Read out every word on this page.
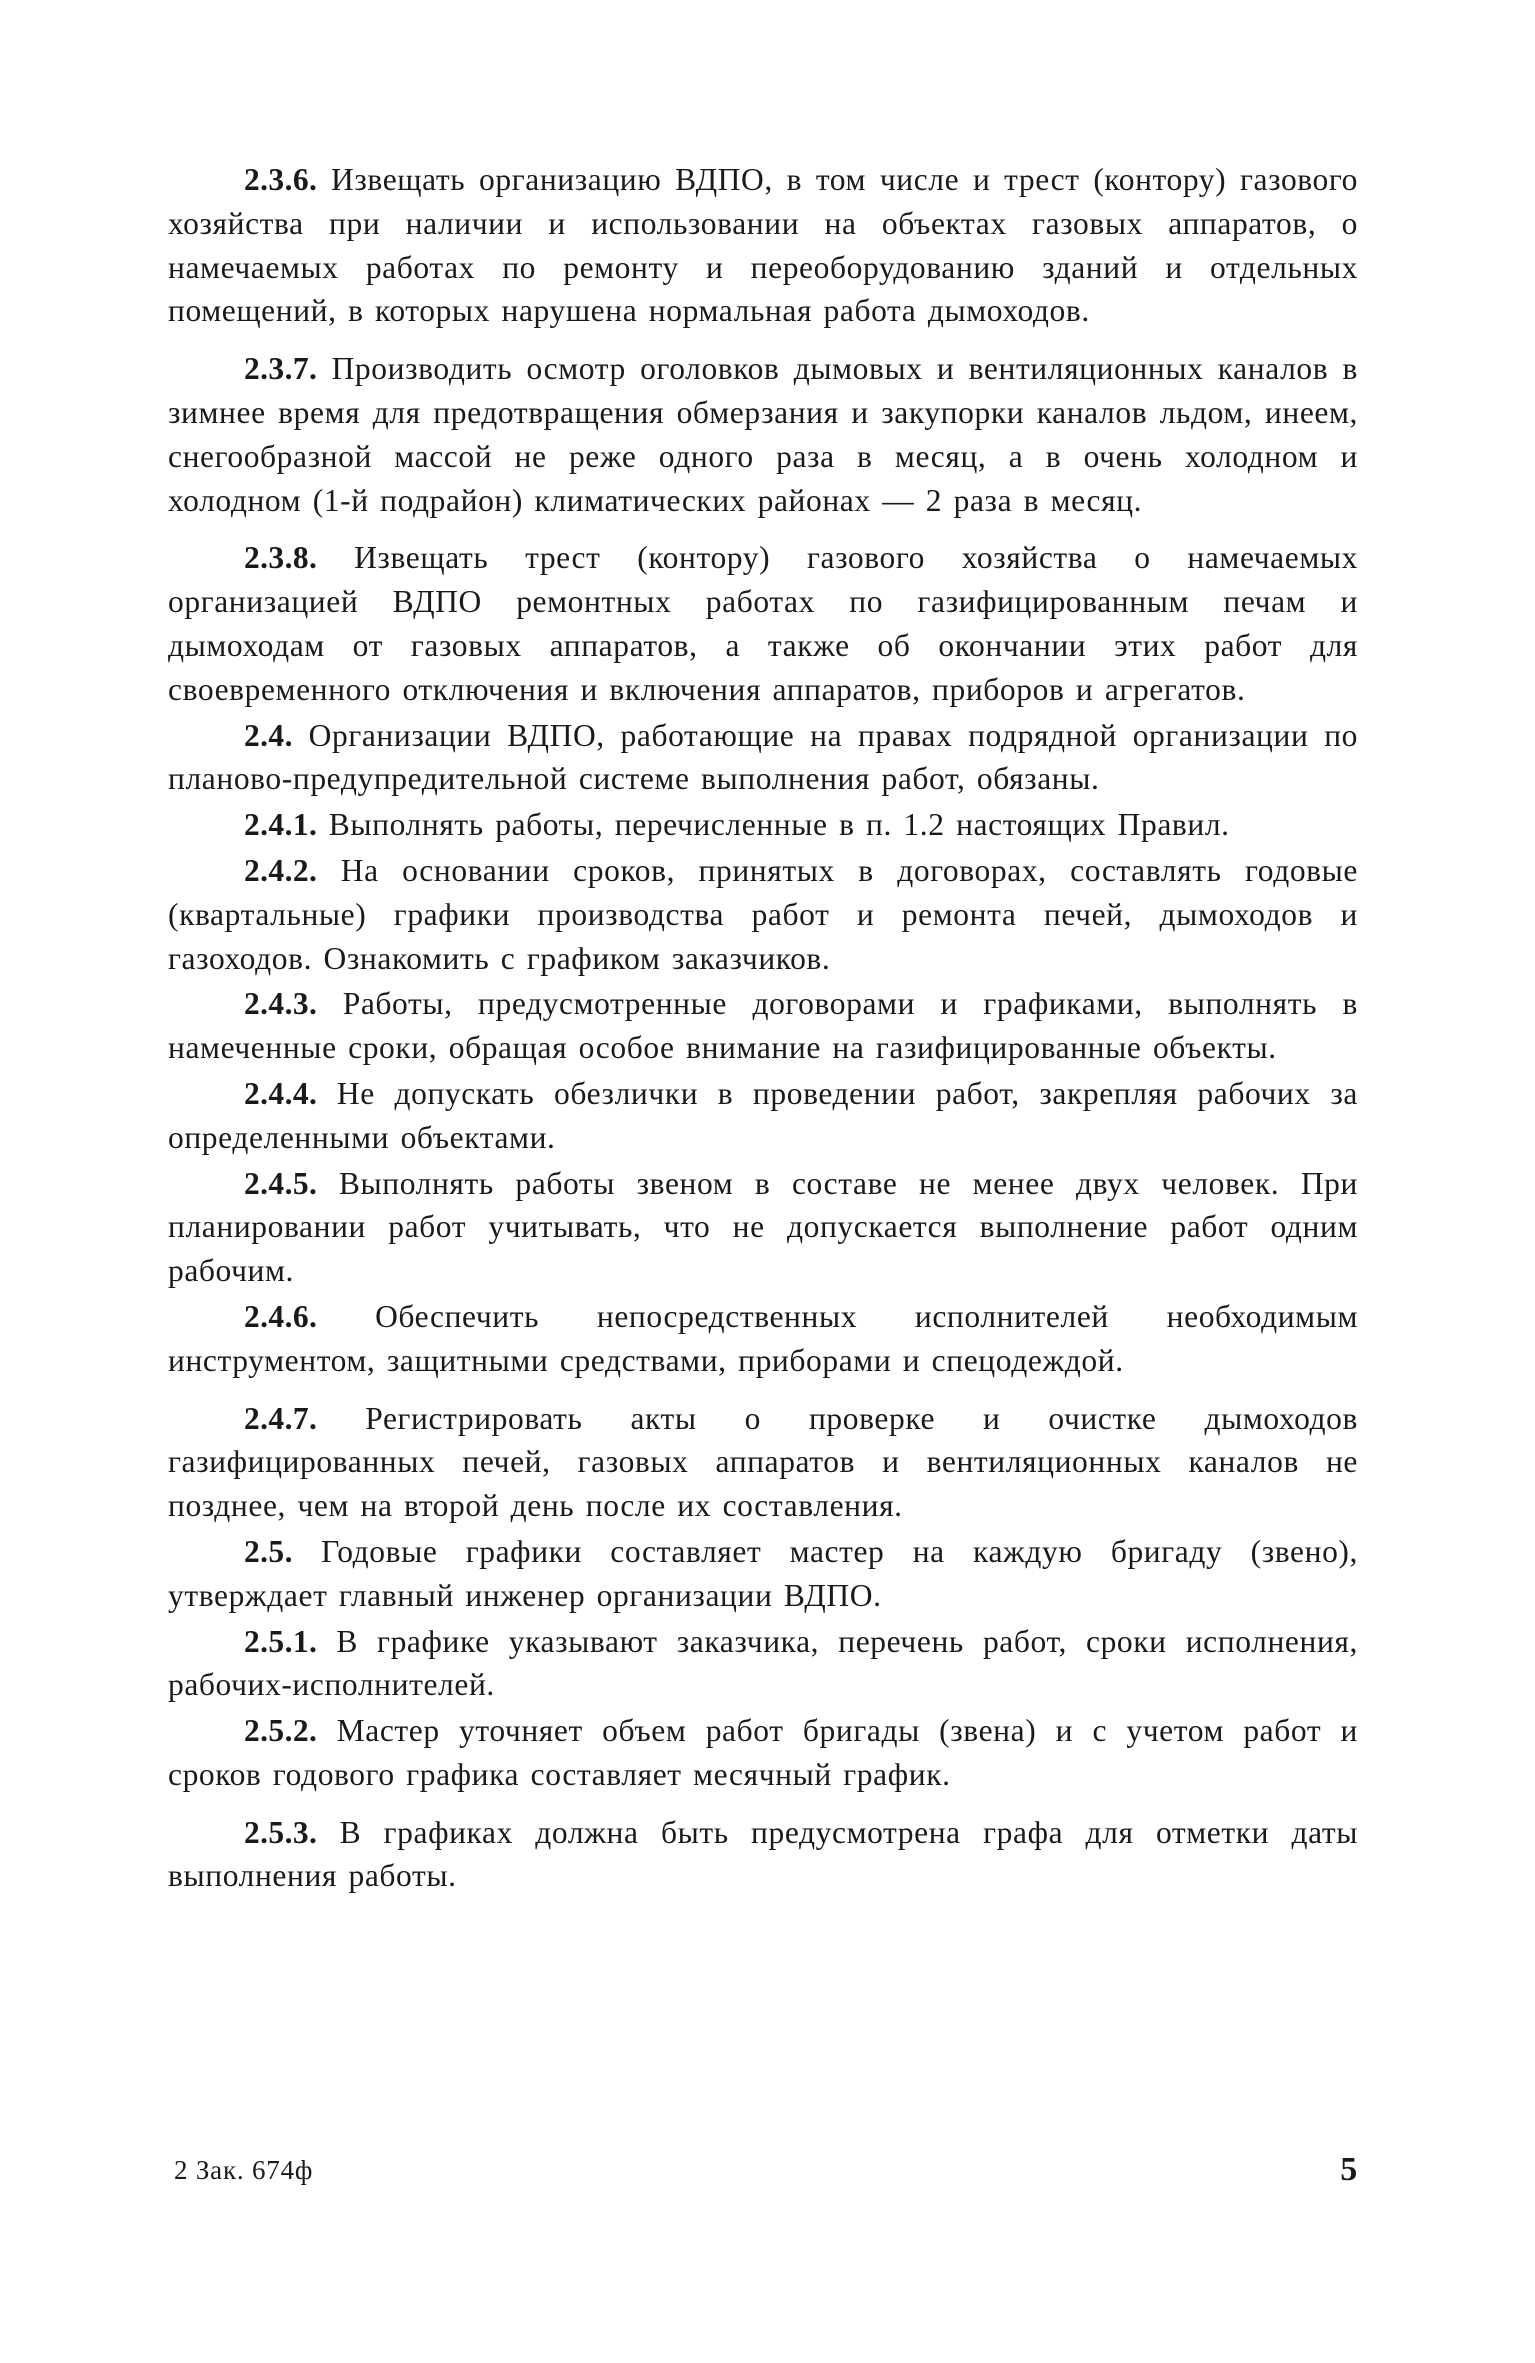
2.3.6. Извещать организацию ВДПО, в том числе и трест (контору) газового хозяйства при наличии и использовании на объектах газовых аппаратов, о намечаемых работах по ремонту и переоборудованию зданий и отдельных помещений, в которых нарушена нормальная работа дымоходов.

2.3.7. Производить осмотр оголовков дымовых и вентиляционных каналов в зимнее время для предотвращения обмерзания и закупорки каналов льдом, инеем, снегообразной массой не реже одного раза в месяц, а в очень холодном и холодном (1-й подрайон) климатических районах — 2 раза в месяц.

2.3.8. Извещать трест (контору) газового хозяйства о намечаемых организацией ВДПО ремонтных работах по газифицированным печам и дымоходам от газовых аппаратов, а также об окончании этих работ для своевременного отключения и включения аппаратов, приборов и агрегатов.

2.4. Организации ВДПО, работающие на правах подрядной организации по планово-предупредительной системе выполнения работ, обязаны.

2.4.1. Выполнять работы, перечисленные в п. 1.2 настоящих Правил.

2.4.2. На основании сроков, принятых в договорах, составлять годовые (квартальные) графики производства работ и ремонта печей, дымоходов и газоходов. Ознакомить с графиком заказчиков.

2.4.3. Работы, предусмотренные договорами и графиками, выполнять в намеченные сроки, обращая особое внимание на газифицированные объекты.

2.4.4. Не допускать обезлички в проведении работ, закрепляя рабочих за определенными объектами.

2.4.5. Выполнять работы звеном в составе не менее двух человек. При планировании работ учитывать, что не допускается выполнение работ одним рабочим.

2.4.6. Обеспечить непосредственных исполнителей необходимым инструментом, защитными средствами, приборами и спецодеждой.

2.4.7. Регистрировать акты о проверке и очистке дымоходов газифицированных печей, газовых аппаратов и вентиляционных каналов не позднее, чем на второй день после их составления.

2.5. Годовые графики составляет мастер на каждую бригаду (звено), утверждает главный инженер организации ВДПО.

2.5.1. В графике указывают заказчика, перечень работ, сроки исполнения, рабочих-исполнителей.

2.5.2. Мастер уточняет объем работ бригады (звена) и с учетом работ и сроков годового графика составляет месячный график.

2.5.3. В графиках должна быть предусмотрена графа для отметки даты выполнения работы.

2 Зак. 674ф	5
